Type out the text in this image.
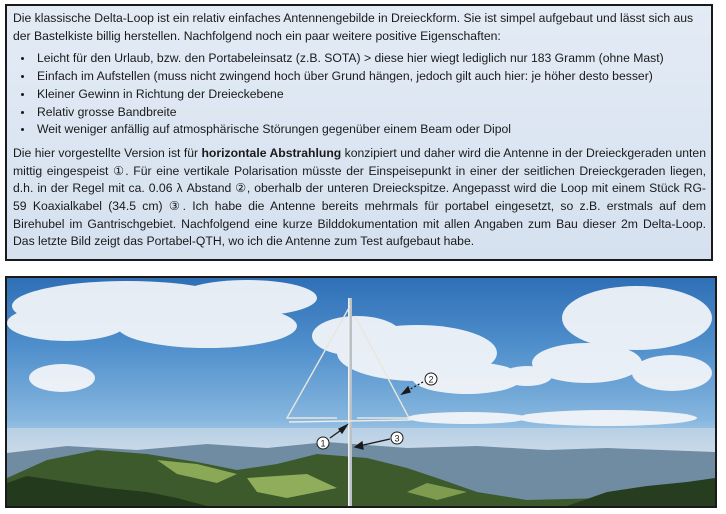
Die klassische Delta-Loop ist ein relativ einfaches Antennengebilde in Dreieckform. Sie ist simpel aufgebaut und lässt sich aus der Bastelkiste billig herstellen. Nachfolgend noch ein paar weitere positive Eigenschaften:

• Leicht für den Urlaub, bzw. den Portabeleinsatz (z.B. SOTA) > diese hier wiegt lediglich nur 183 Gramm (ohne Mast)
• Einfach im Aufstellen (muss nicht zwingend hoch über Grund hängen, jedoch gilt auch hier: je höher desto besser)
• Kleiner Gewinn in Richtung der Dreieckebene
• Relativ grosse Bandbreite
• Weit weniger anfällig auf atmosphärische Störungen gegenüber einem Beam oder Dipol

Die hier vorgestellte Version ist für horizontale Abstrahlung konzipiert und daher wird die Antenne in der Dreieckgeraden unten mittig eingespeist ①. Für eine vertikale Polarisation müsste der Einspeisepunkt in einer der seitlichen Dreieckgeraden liegen, d.h. in der Regel mit ca. 0.06 λ Abstand ②, oberhalb der unteren Dreieckspitze. Angepasst wird die Loop mit einem Stück RG-59 Koaxialkabel (34.5 cm) ③. Ich habe die Antenne bereits mehrmals für portabel eingesetzt, so z.B. erstmals auf dem Birehubel im Gantrischgebiet. Nachfolgend eine kurze Bilddokumentation mit allen Angaben zum Bau dieser 2m Delta-Loop. Das letzte Bild zeigt das Portabel-QTH, wo ich die Antenne zum Test aufgebaut habe.

1
2
3
